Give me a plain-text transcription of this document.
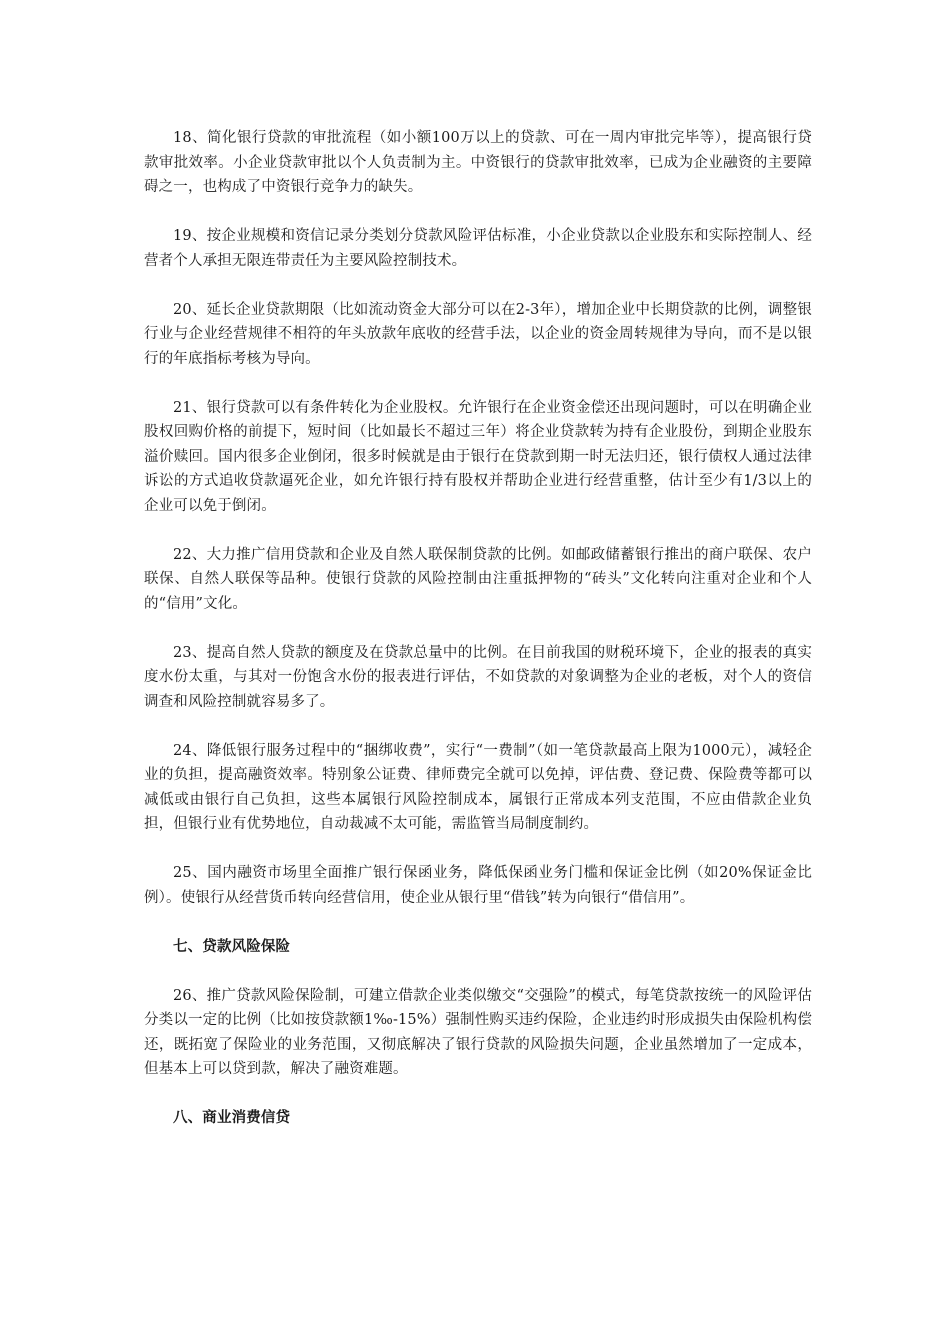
18、简化银行贷款的审批流程（如小额100万以上的贷款、可在一周内审批完毕等），提高银行贷款审批效率。小企业贷款审批以个人负责制为主。中资银行的贷款审批效率，已成为企业融资的主要障碍之一，也构成了中资银行竞争力的缺失。

19、按企业规模和资信记录分类划分贷款风险评估标准，小企业贷款以企业股东和实际控制人、经营者个人承担无限连带责任为主要风险控制技术。

20、延长企业贷款期限（比如流动资金大部分可以在2-3年），增加企业中长期贷款的比例，调整银行业与企业经营规律不相符的年头放款年底收的经营手法，以企业的资金周转规律为导向，而不是以银行的年底指标考核为导向。

21、银行贷款可以有条件转化为企业股权。允许银行在企业资金偿还出现问题时，可以在明确企业股权回购价格的前提下，短时间（比如最长不超过三年）将企业贷款转为持有企业股份，到期企业股东溢价赎回。国内很多企业倒闭，很多时候就是由于银行在贷款到期一时无法归还，银行债权人通过法律诉讼的方式追收贷款逼死企业，如允许银行持有股权并帮助企业进行经营重整，估计至少有1/3以上的企业可以免于倒闭。

22、大力推广信用贷款和企业及自然人联保制贷款的比例。如邮政储蓄银行推出的商户联保、农户联保、自然人联保等品种。使银行贷款的风险控制由注重抵押物的“砖头”文化转向注重对企业和个人的“信用”文化。

23、提高自然人贷款的额度及在贷款总量中的比例。在目前我国的财税环境下，企业的报表的真实度水份太重，与其对一份饱含水份的报表进行评估，不如贷款的对象调整为企业的老板，对个人的资信调查和风险控制就容易多了。

24、降低银行服务过程中的“捆绑收费”，实行“一费制”（如一笔贷款最高上限为1000元），减轻企业的负担，提高融资效率。特别象公证费、律师费完全就可以免掉，评估费、登记费、保险费等都可以减低或由银行自己负担，这些本属银行风险控制成本，属银行正常成本列支范围，不应由借款企业负担，但银行业有优势地位，自动裁减不太可能，需监管当局制度制约。

25、国内融资市场里全面推广银行保函业务，降低保函业务门槛和保证金比例（如20%保证金比例）。使银行从经营货币转向经营信用，使企业从银行里“借钱”转为向银行“借信用”。

七、贷款风险保险

26、推广贷款风险保险制，可建立借款企业类似缴交“交强险”的模式，每笔贷款按统一的风险评估分类以一定的比例（比如按贷款额1‰-15%）强制性购买违约保险，企业违约时形成损失由保险机构偿还，既拓宽了保险业的业务范围，又彻底解决了银行贷款的风险损失问题，企业虽然增加了一定成本，但基本上可以贷到款，解决了融资难题。

八、商业消费信贷
